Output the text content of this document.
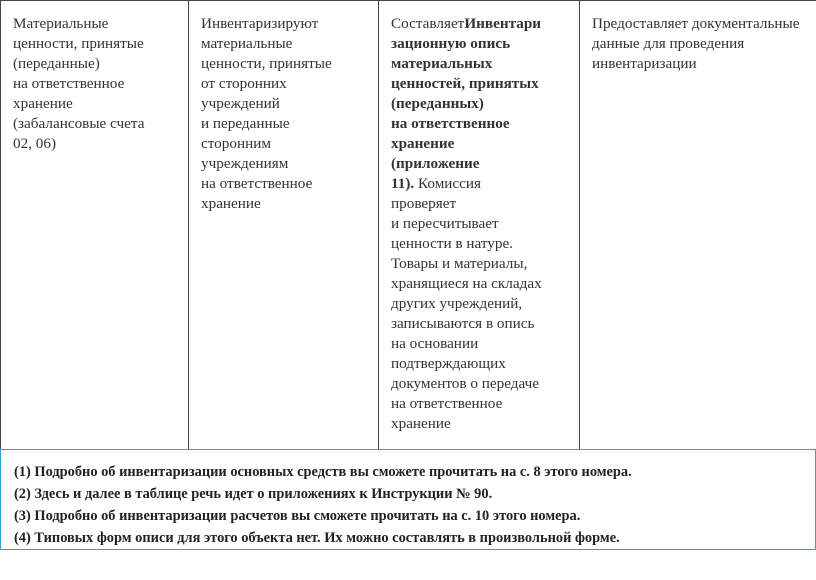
Материальные

ценности, принятые

(переданные)

на ответственное

хранение

(забалансовые счета

02, 06)

Инвентаризируют

материальные

ценности, принятые

от сторонних

учреждений

и переданные

сторонним

учреждениям

на ответственное

хранение

СоставляетИнвентари

зационную опись

материальных

ценностей, принятых

(переданных)

на ответственное

хранение

(приложение

11). Комиссия

проверяет

и пересчитывает

ценности в натуре.

Товары и материалы,

хранящиеся на складах

других учреждений,

записываются в опись

на основании

подтверждающих

документов о передаче

на ответственное

хранение

Предоставляет документальные

данные для проведения

инвентаризации

(1) Подробно об инвентаризации основных средств вы сможете прочитать на с. 8 этого номера.
(2) Здесь и далее в таблице речь идет о приложениях к Инструкции № 90.
(3) Подробно об инвентаризации расчетов вы сможете прочитать на с. 10 этого номера.
(4) Типовых форм описи для этого объекта нет. Их можно составлять в произвольной форме.
